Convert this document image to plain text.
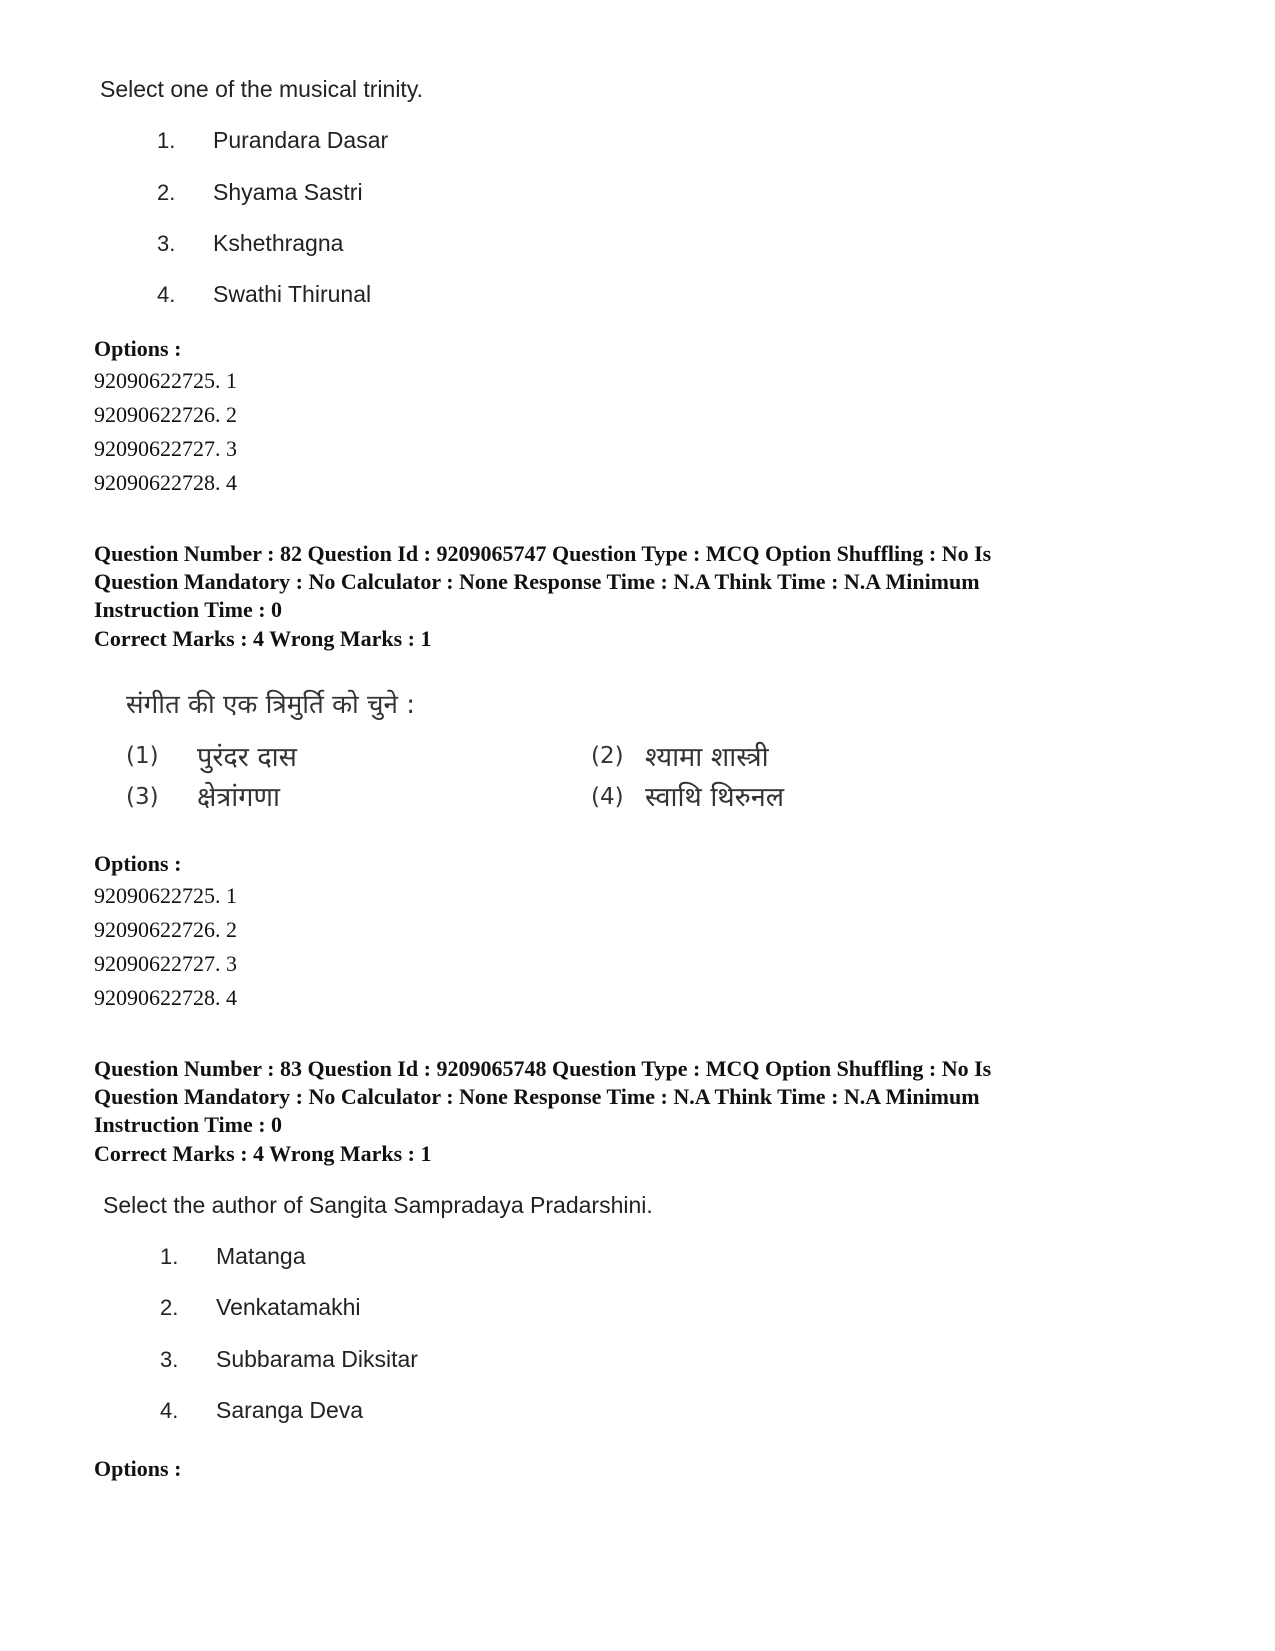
Select one of the musical trinity.
1. Purandara Dasar
2. Shyama Sastri
3. Kshethragna
4. Swathi Thirunal
Options :
92090622725. 1
92090622726. 2
92090622727. 3
92090622728. 4
Question Number : 82 Question Id : 9209065747 Question Type : MCQ Option Shuffling : No Is
Question Mandatory : No Calculator : None Response Time : N.A Think Time : N.A Minimum
Instruction Time : 0
Correct Marks : 4 Wrong Marks : 1
संगीत की एक त्रिमुर्ति को चुने :
(1) पुरंदर दास	(2) श्यामा शास्त्री
(3) क्षेत्रांगणा	(4) स्वाथि थिरुनल
Options :
92090622725. 1
92090622726. 2
92090622727. 3
92090622728. 4
Question Number : 83 Question Id : 9209065748 Question Type : MCQ Option Shuffling : No Is
Question Mandatory : No Calculator : None Response Time : N.A Think Time : N.A Minimum
Instruction Time : 0
Correct Marks : 4 Wrong Marks : 1
Select the author of Sangita Sampradaya Pradarshini.
1. Matanga
2. Venkatamakhi
3. Subbarama Diksitar
4. Saranga Deva
Options :
